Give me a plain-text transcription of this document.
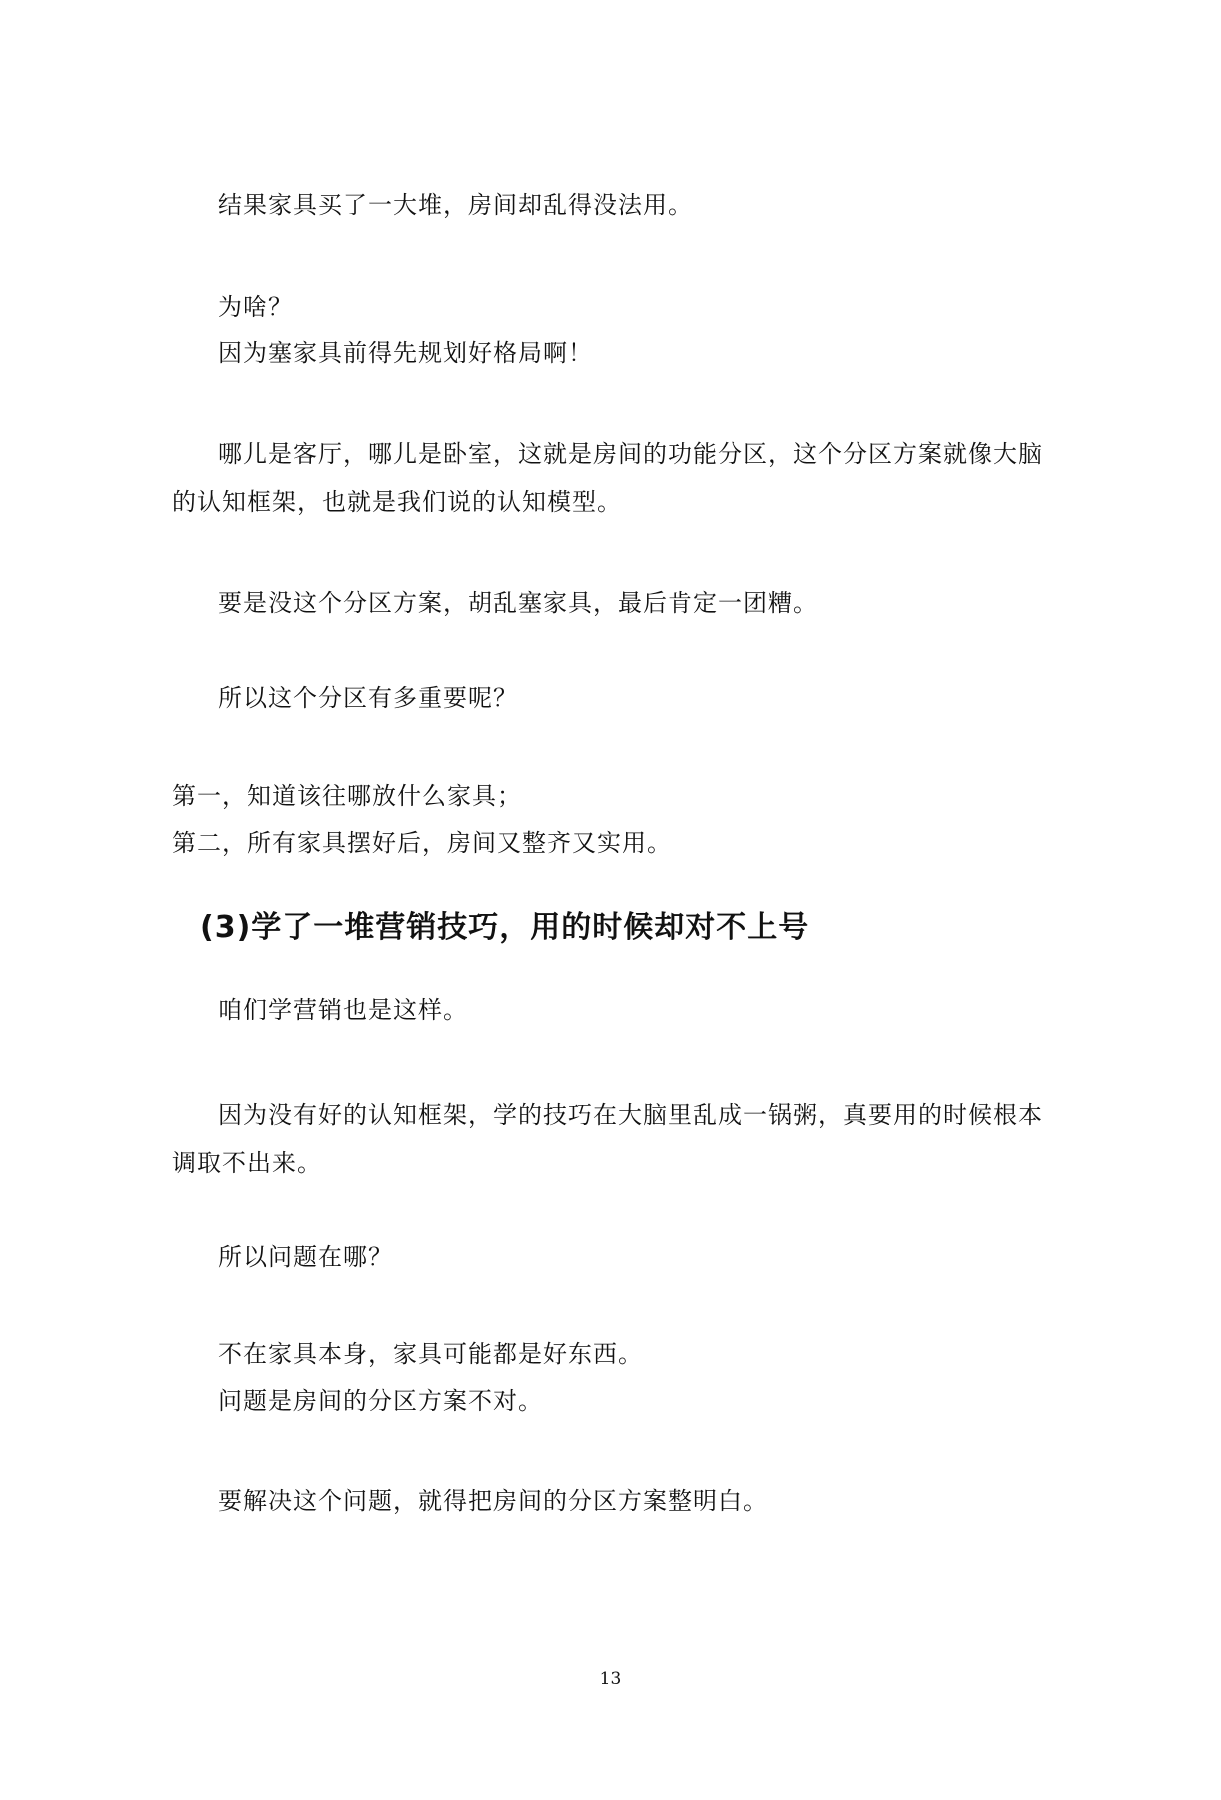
结果家具买了一大堆，房间却乱得没法用。
为啥？
因为塞家具前得先规划好格局啊！
哪儿是客厅，哪儿是卧室，这就是房间的功能分区，这个分区方案就像大脑
的认知框架，也就是我们说的认知模型。
要是没这个分区方案，胡乱塞家具，最后肯定一团糟。
所以这个分区有多重要呢？
第一，知道该往哪放什么家具；
第二，所有家具摆好后，房间又整齐又实用。
(3)学了一堆营销技巧，用的时候却对不上号
咱们学营销也是这样。
因为没有好的认知框架，学的技巧在大脑里乱成一锅粥，真要用的时候根本
调取不出来。
所以问题在哪？
不在家具本身，家具可能都是好东西。
问题是房间的分区方案不对。
要解决这个问题，就得把房间的分区方案整明白。
13
